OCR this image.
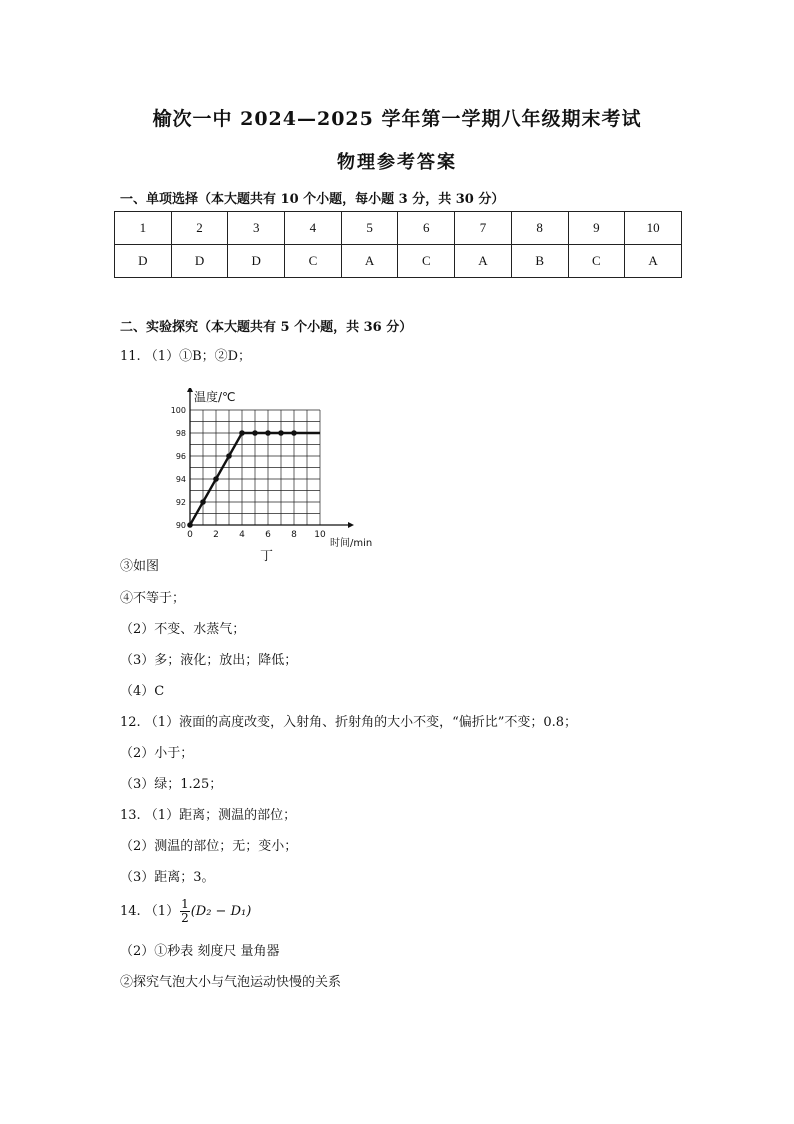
榆次一中 2024—2025 学年第一学期八年级期末考试
物理参考答案
一、单项选择（本大题共有 10 个小题，每小题 3 分，共 30 分）
1	2	3	4	5	6	7	8	9	10
D	D	D	C	A	C	A	B	C	A
二、实验探究（本大题共有 5 个小题，共 36 分）
11. （1）①B；②D；
0 2 4 6 8 10
90
92
94
96
98
100
温度/℃
时间/min
丁
③如图
④不等于；
（2）不变、水蒸气；
（3）多；液化；放出；降低；
（4）C
12. （1）液面的高度改变，入射角、折射角的大小不变，“偏折比”不变；0.8；
（2）小于；
（3）绿；1.25；
13. （1）距离；测温的部位；
（2）测温的部位；无；变小；
（3）距离；3。
14. $(1) \frac{1}{2} (D_2 - D_1)$
（2）①秒表 刻度尺 量角器
②探究气泡大小与气泡运动快慢的关系
